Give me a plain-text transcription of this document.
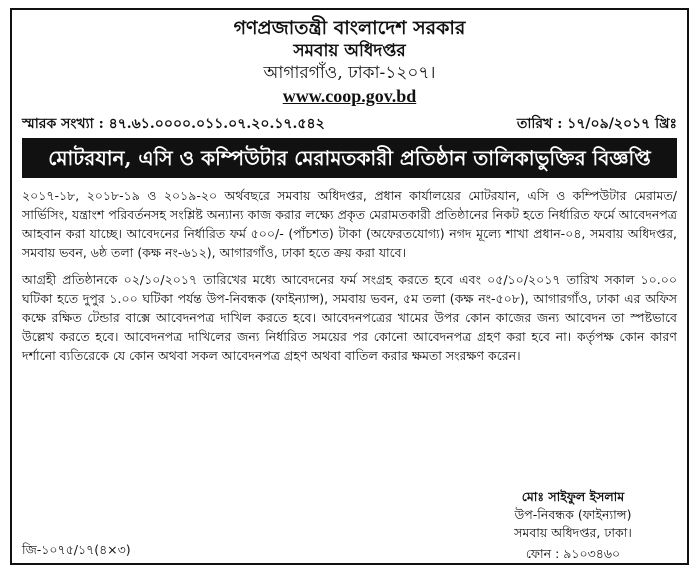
গণপ্রজাতন্ত্রী বাংলাদেশ সরকার
সমবায় অধিদপ্তর
আগারগাঁও, ঢাকা-১২০৭।
www.coop.gov.bd
স্মারক সংখ্যা : ৪৭.৬১.০০০০.০১১.০৭.২০.১৭.৫৪২	তারিখ : ১৭/০৯/২০১৭ খ্রিঃ
মোটরযান, এসি ও কম্পিউটার মেরামতকারী প্রতিষ্ঠান তালিকাভুক্তির বিজ্ঞপ্তি
২০১৭-১৮, ২০১৮-১৯ ও ২০১৯-২০ অর্থবছরে সমবায় অধিদপ্তর, প্রধান কার্যালয়ের মোটরযান, এসি ও কম্পিউটার মেরামত/সার্ভিসিং, যন্ত্রাংশ পরিবর্তনসহ সংশ্লিষ্ট অন্যান্য কাজ করার লক্ষ্যে প্রকৃত মেরামতকারী প্রতিষ্ঠানের নিকট হতে নির্ধারিত ফর্মে আবেদনপত্র আহবান করা যাচ্ছে। আবেদনের নির্ধারিত ফর্ম ৫০০/- (পাঁচশত) টাকা (অফেরতযোগ্য) নগদ মূল্যে শাখা প্রধান-০৪, সমবায় অধিদপ্তর, সমবায় ভবন, ৬ষ্ঠ তলা (কক্ষ নং-৬১২), আগারগাঁও, ঢাকা হতে ক্রয় করা যাবে।
আগ্রহী প্রতিষ্ঠানকে ০২/১০/২০১৭ তারিখের মধ্যে আবেদনের ফর্ম সংগ্রহ করতে হবে এবং ০৫/১০/২০১৭ তারিখ সকাল ১০.০০ ঘটিকা হতে দুপুর ১.০০ ঘটিকা পর্যন্ত উপ-নিবন্ধক (ফাইন্যান্স), সমবায় ভবন, ৫ম তলা (কক্ষ নং-৫০৮), আগারগাঁও, ঢাকা এর অফিস কক্ষে রক্ষিত টেন্ডার বাক্সে আবেদনপত্র দাখিল করতে হবে। আবেদনপত্রের খামের উপর কোন কাজের জন্য আবেদন তা স্পষ্টভাবে উল্লেখ করতে হবে। আবেদনপত্র দাখিলের জন্য নির্ধারিত সময়ের পর কোনো আবেদনপত্র গ্রহণ করা হবে না। কর্তৃপক্ষ কোন কারণ দর্শানো ব্যতিরেকে যে কোন অথবা সকল আবেদনপত্র গ্রহণ অথবা বাতিল করার ক্ষমতা সংরক্ষণ করেন।
মোঃ সাইফুল ইসলাম
উপ-নিবন্ধক (ফাইন্যান্স)
সমবায় অধিদপ্তর, ঢাকা।
জি-১০৭৫/১৭(৪×৩)	ফোন : ৯১০৩৪৬০
